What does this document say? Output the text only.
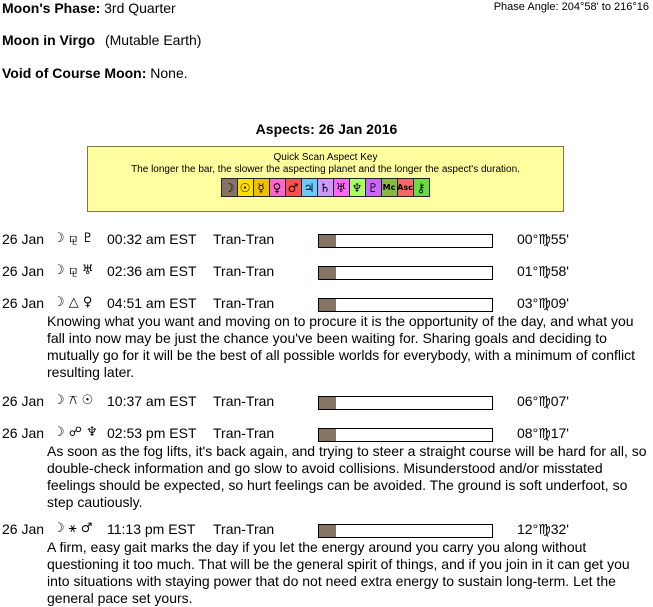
Moon's Phase: 3rd Quarter	Phase Angle: 204°58' to 216°16
Moon in Virgo (Mutable Earth)
Void of Course Moon: None.
Aspects: 26 Jan 2016
Quick Scan Aspect Key
The longer the bar, the slower the aspecting planet and the longer the aspect's duration.
☽ ☉ ☿ ♀ ♂ ♃ ♄ ♅ ♆ ♇ Mc Asc ⚷
26 Jan ☽ ⚼ ♇ 00:32 am EST Tran-Tran	00°♍55'
26 Jan ☽ ⚼ ♅ 02:36 am EST Tran-Tran	01°♍58'
26 Jan ☽ △ ♀ 04:51 am EST Tran-Tran	03°♍09'
Knowing what you want and moving on to procure it is the opportunity of the day, and what you fall into now may be just the chance you've been waiting for. Sharing goals and deciding to mutually go for it will be the best of all possible worlds for everybody, with a minimum of conflict resulting later.
26 Jan ☽ ⚻ ☉ 10:37 am EST Tran-Tran	06°♍07'
26 Jan ☽ ☍ ♆ 02:53 pm EST Tran-Tran	08°♍17'
As soon as the fog lifts, it's back again, and trying to steer a straight course will be hard for all, so double-check information and go slow to avoid collisions. Misunderstood and/or misstated feelings should be expected, so hurt feelings can be avoided. The ground is soft underfoot, so step cautiously.
26 Jan ☽ ⚹ ♂ 11:13 pm EST Tran-Tran	12°♍32'
A firm, easy gait marks the day if you let the energy around you carry you along without questioning it too much. That will be the general spirit of things, and if you join in it can get you into situations with staying power that do not need extra energy to sustain long-term. Let the general pace set yours.
